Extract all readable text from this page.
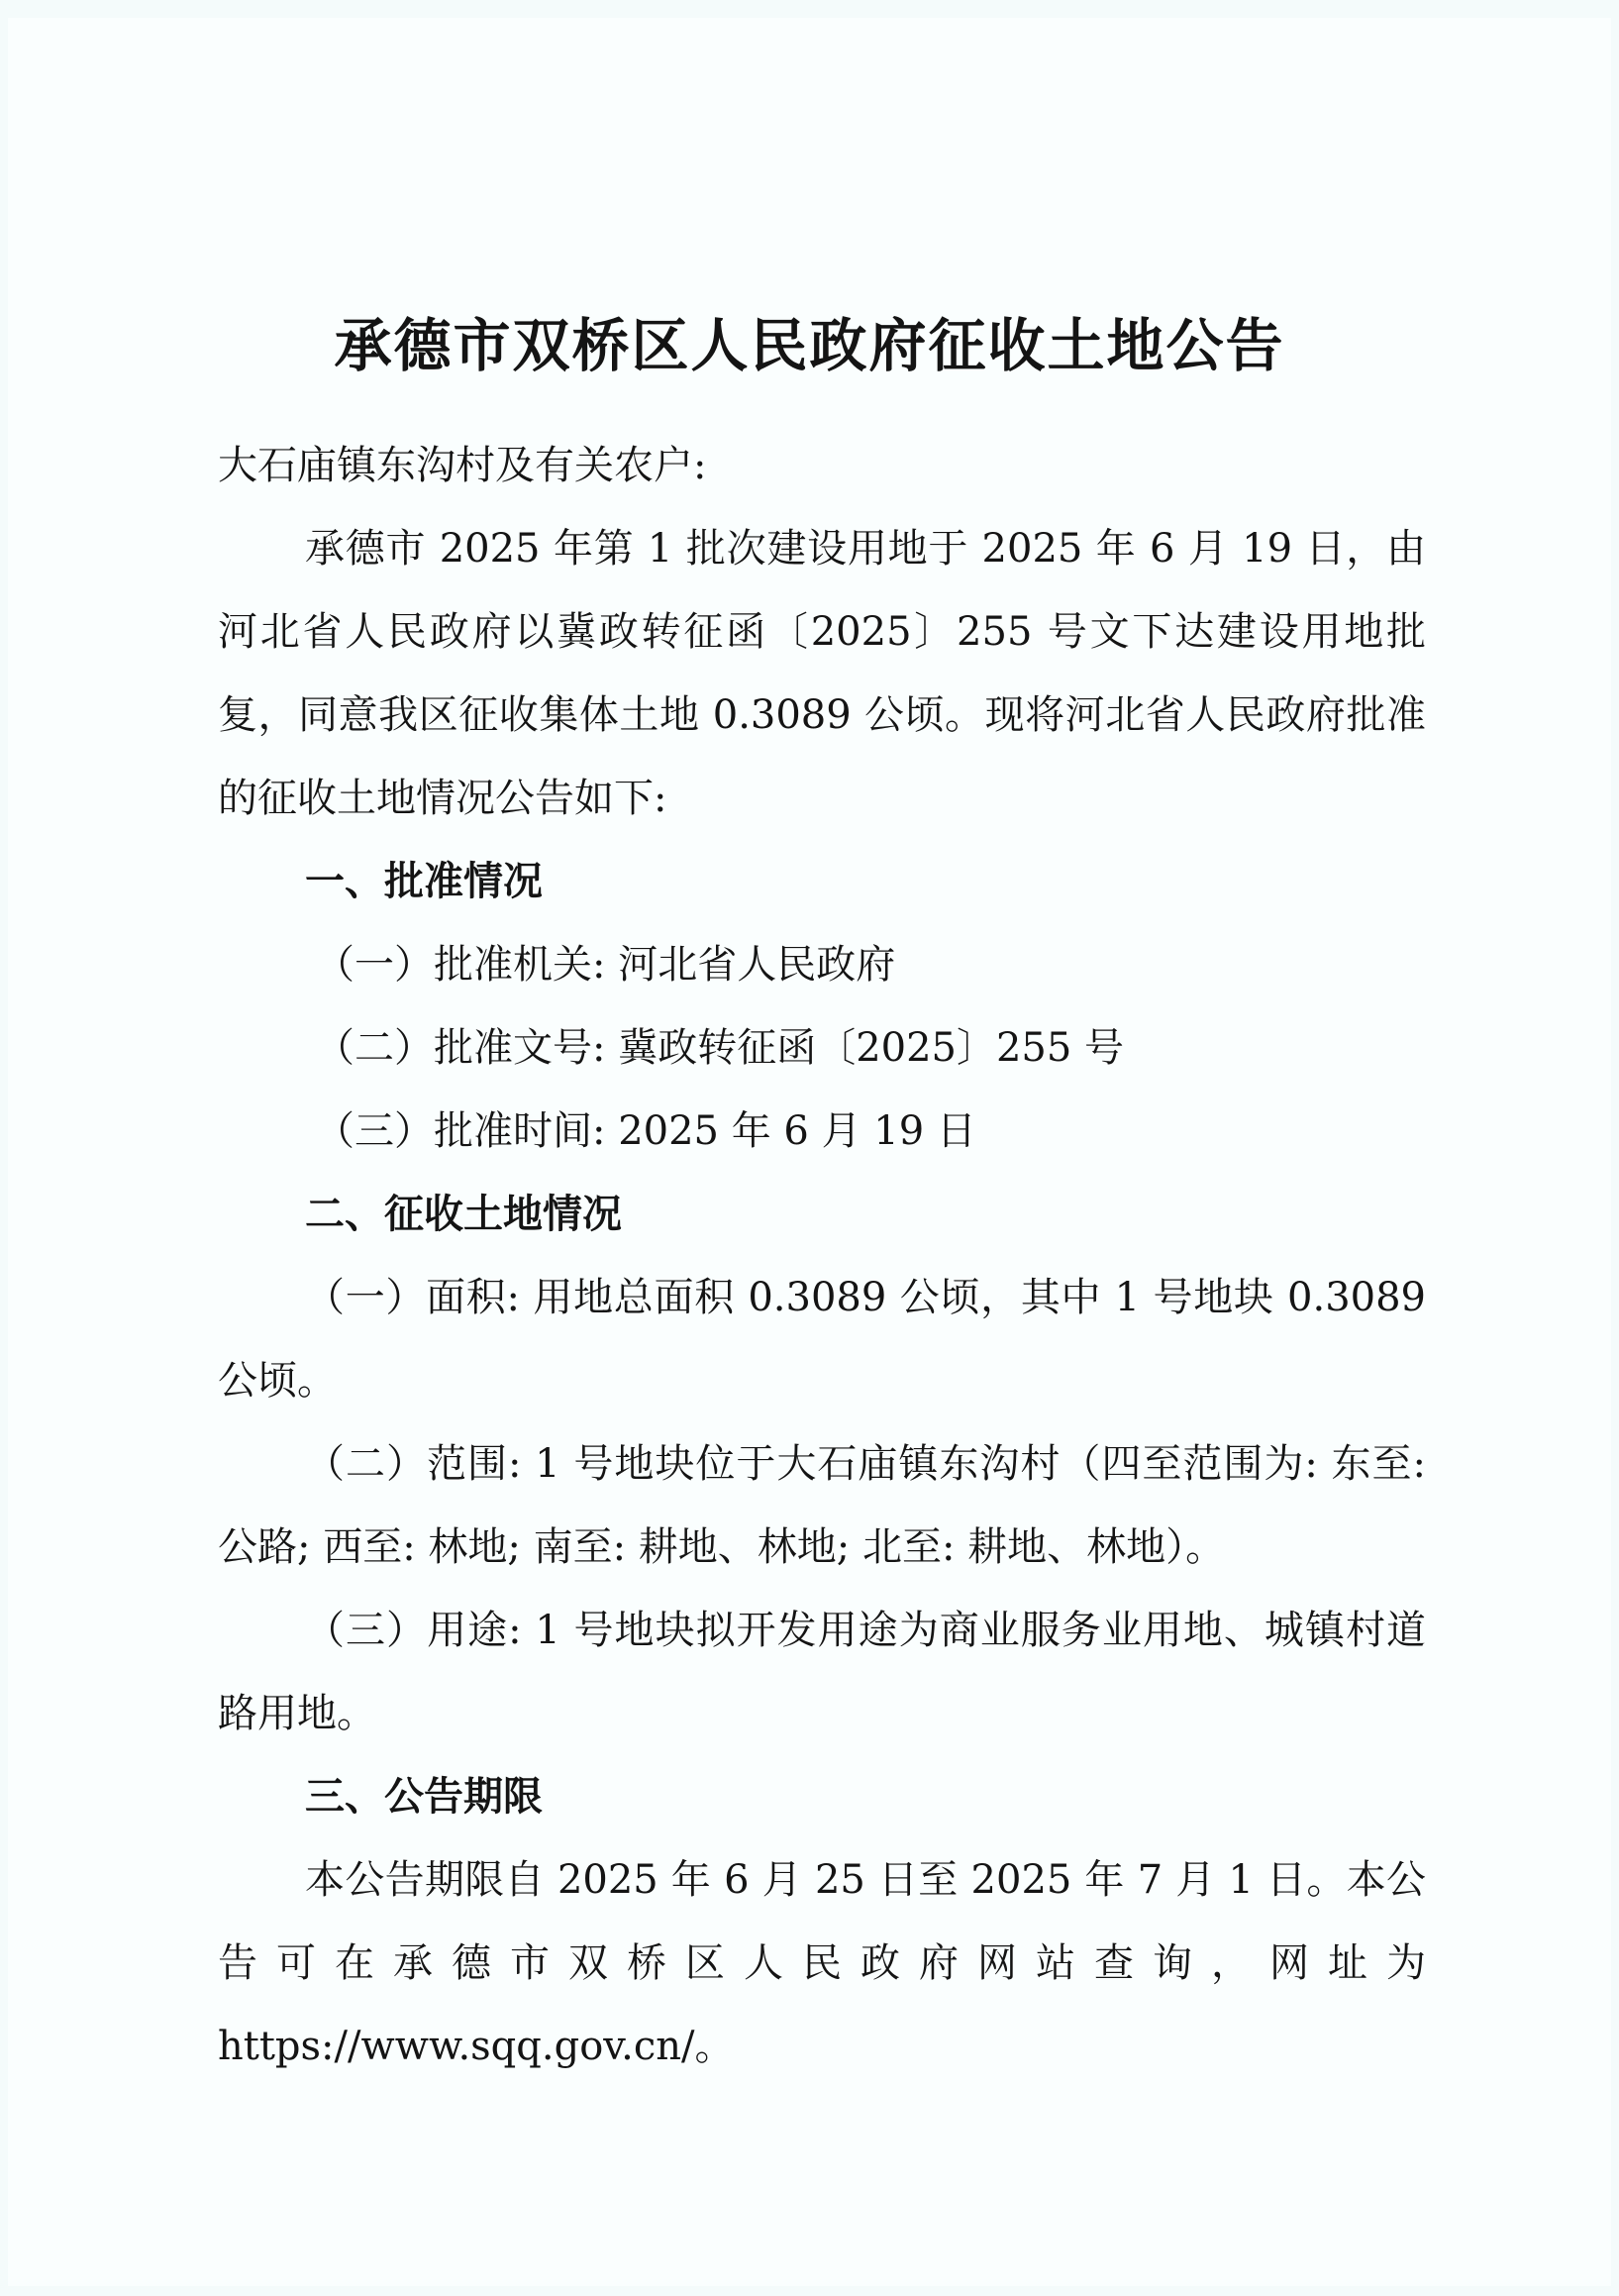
承德市双桥区人民政府征收土地公告

大石庙镇东沟村及有关农户:

承德市 2025 年第 1 批次建设用地于 2025 年 6 月 19 日，由河北省人民政府以冀政转征函〔2025〕255 号文下达建设用地批复，同意我区征收集体土地 0.3089 公顷。现将河北省人民政府批准的征收土地情况公告如下:

一、批准情况

（一）批准机关: 河北省人民政府

（二）批准文号: 冀政转征函〔2025〕255 号

（三）批准时间: 2025 年 6 月 19 日

二、征收土地情况

（一）面积: 用地总面积 0.3089 公顷，其中 1 号地块 0.3089 公顷。

（二）范围: 1 号地块位于大石庙镇东沟村（四至范围为: 东至: 公路; 西至: 林地; 南至: 耕地、林地; 北至: 耕地、林地）。

（三）用途: 1 号地块拟开发用途为商业服务业用地、城镇村道路用地。

三、公告期限

本公告期限自 2025 年 6 月 25 日至 2025 年 7 月 1 日。本公告可在承德市双桥区人民政府网站查询，网址为 https://www.sqq.gov.cn/。
